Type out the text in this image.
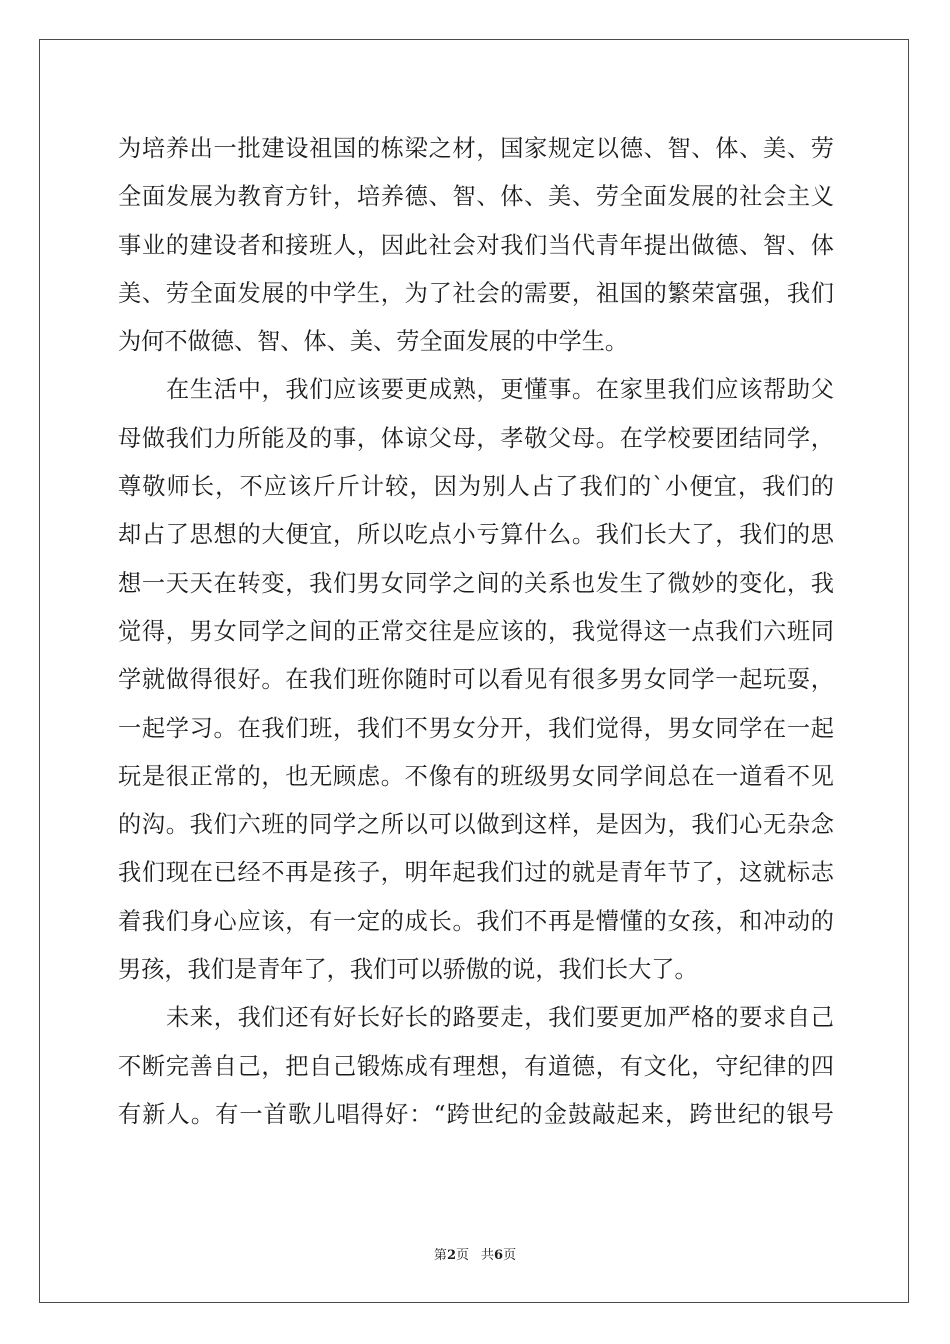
为培养出一批建设祖国的栋梁之材，国家规定以德、智、体、美、劳
全面发展为教育方针，培养德、智、体、美、劳全面发展的社会主义
事业的建设者和接班人，因此社会对我们当代青年提出做德、智、体
美、劳全面发展的中学生，为了社会的需要，祖国的繁荣富强，我们
为何不做德、智、体、美、劳全面发展的中学生。
在生活中，我们应该要更成熟，更懂事。在家里我们应该帮助父
母做我们力所能及的事，体谅父母，孝敬父母。在学校要团结同学，
尊敬师长，不应该斤斤计较，因为别人占了我们的`小便宜，我们的
却占了思想的大便宜，所以吃点小亏算什么。我们长大了，我们的思
想一天天在转变，我们男女同学之间的关系也发生了微妙的变化，我
觉得，男女同学之间的正常交往是应该的，我觉得这一点我们六班同
学就做得很好。在我们班你随时可以看见有很多男女同学一起玩耍，
一起学习。在我们班，我们不男女分开，我们觉得，男女同学在一起
玩是很正常的，也无顾虑。不像有的班级男女同学间总在一道看不见
的沟。我们六班的同学之所以可以做到这样，是因为，我们心无杂念
我们现在已经不再是孩子，明年起我们过的就是青年节了，这就标志
着我们身心应该，有一定的成长。我们不再是懵懂的女孩，和冲动的
男孩，我们是青年了，我们可以骄傲的说，我们长大了。
未来，我们还有好长好长的路要走，我们要更加严格的要求自己
不断完善自己，把自己锻炼成有理想，有道德，有文化，守纪律的四
有新人。有一首歌儿唱得好：“跨世纪的金鼓敲起来，跨世纪的银号
第2页 共6页
